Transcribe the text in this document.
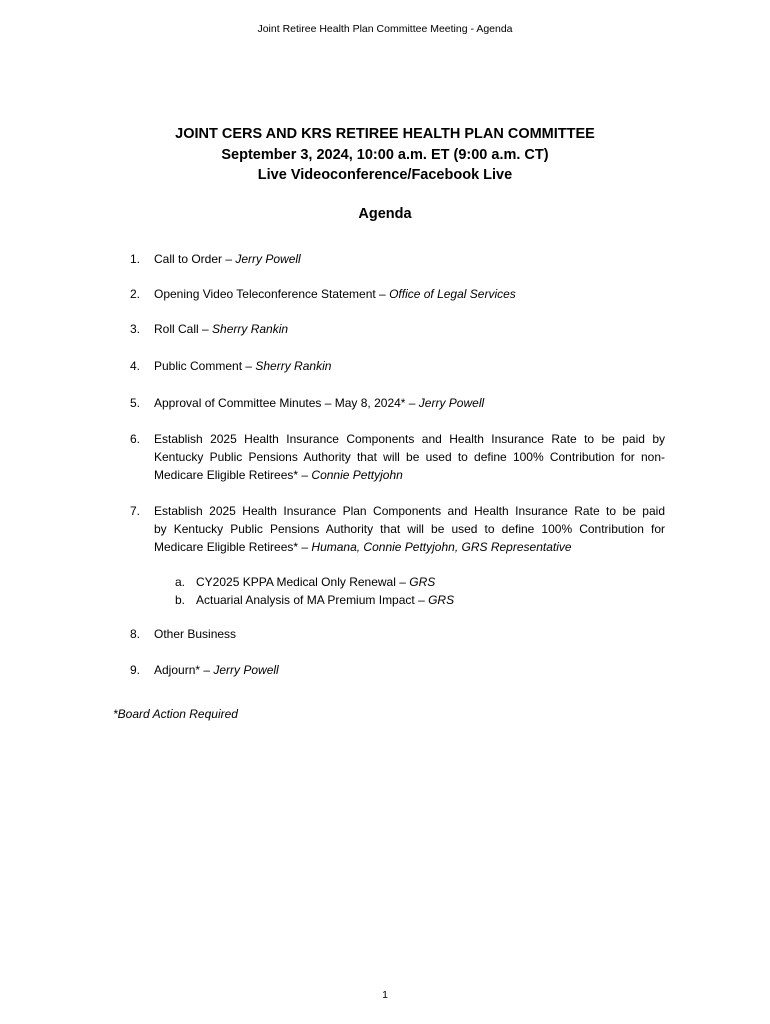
Joint Retiree Health Plan Committee Meeting - Agenda
JOINT CERS AND KRS RETIREE HEALTH PLAN COMMITTEE
September 3, 2024, 10:00 a.m. ET (9:00 a.m. CT)
Live Videoconference/Facebook Live
Agenda
1. Call to Order – Jerry Powell
2. Opening Video Teleconference Statement – Office of Legal Services
3. Roll Call – Sherry Rankin
4. Public Comment – Sherry Rankin
5. Approval of Committee Minutes – May 8, 2024* – Jerry Powell
6. Establish 2025 Health Insurance Components and Health Insurance Rate to be paid by
Kentucky Public Pensions Authority that will be used to define 100% Contribution for non-
Medicare Eligible Retirees* – Connie Pettyjohn
7. Establish 2025 Health Insurance Plan Components and Health Insurance Rate to be paid
by Kentucky Public Pensions Authority that will be used to define 100% Contribution for
Medicare Eligible Retirees* – Humana, Connie Pettyjohn, GRS Representative
a. CY2025 KPPA Medical Only Renewal – GRS
b. Actuarial Analysis of MA Premium Impact – GRS
8. Other Business
9. Adjourn* – Jerry Powell
*Board Action Required
1
